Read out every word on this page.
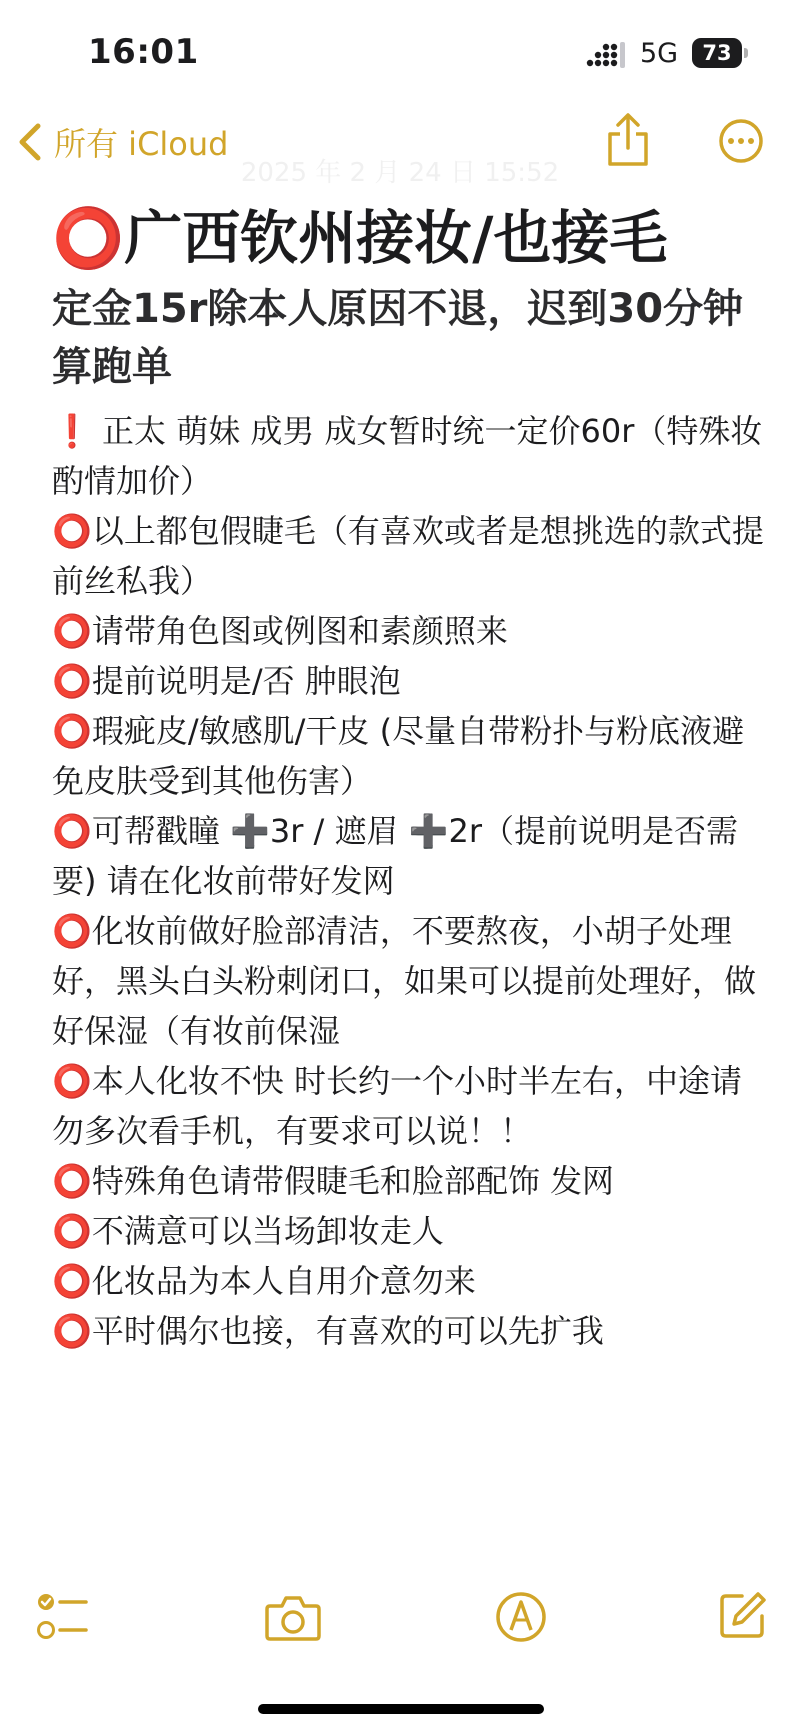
16:01	5G	73
所有 iCloud
2025 年 2 月 24 日 15:52
⭕广西钦州接妆/也接毛
定金15r除本人原因不退，迟到30分钟算跑单
❗ 正太 萌妹 成男 成女暂时统一定价60r（特殊妆酌情加价）
⭕以上都包假睫毛（有喜欢或者是想挑选的款式提前丝私我）
⭕请带角色图或例图和素颜照来
⭕提前说明是/否 肿眼泡
⭕瑕疵皮/敏感肌/干皮 (尽量自带粉扑与粉底液避免皮肤受到其他伤害）
⭕可帮戳瞳 ➕3r / 遮眉 ➕2r（提前说明是否需要) 请在化妆前带好发网
⭕化妆前做好脸部清洁，不要熬夜，小胡子处理好，黑头白头粉刺闭口，如果可以提前处理好，做好保湿（有妆前保湿
⭕本人化妆不快 时长约一个小时半左右，中途请勿多次看手机，有要求可以说！！
⭕特殊角色请带假睫毛和脸部配饰 发网
⭕不满意可以当场卸妆走人
⭕化妆品为本人自用介意勿来
⭕平时偶尔也接，有喜欢的可以先扩我
